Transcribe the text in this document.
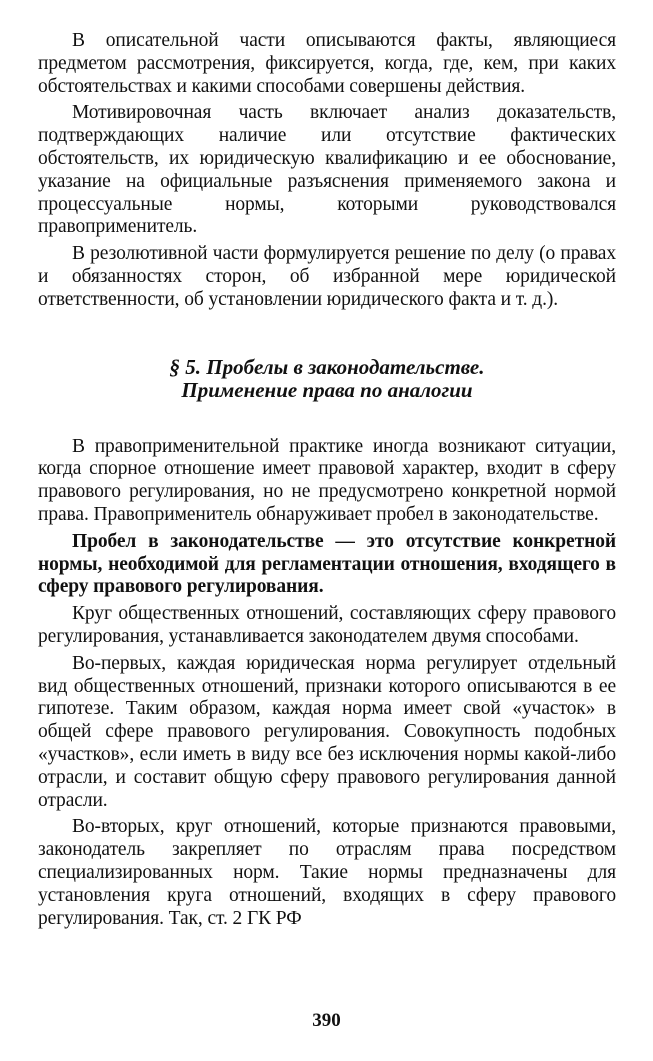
В описательной части описываются факты, являющиеся предметом рассмотрения, фиксируется, когда, где, кем, при каких обстоятельствах и какими способами совершены действия.

Мотивировочная часть включает анализ доказательств, подтверждающих наличие или отсутствие фактических обстоятельств, их юридическую квалификацию и ее обоснование, указание на официальные разъяснения применяемого закона и процессуальные нормы, которыми руководствовался правоприменитель.

В резолютивной части формулируется решение по делу (о правах и обязанностях сторон, об избранной мере юридической ответственности, об установлении юридического факта и т. д.).

§ 5. Пробелы в законодательстве.

Применение права по аналогии

В правоприменительной практике иногда возникают ситуации, когда спорное отношение имеет правовой характер, входит в сферу правового регулирования, но не предусмотрено конкретной нормой права. Правоприменитель обнаруживает пробел в законодательстве.

Пробел в законодательстве — это отсутствие конкретной нормы, необходимой для регламентации отношения, входящего в сферу правового регулирования.

Круг общественных отношений, составляющих сферу правового регулирования, устанавливается законодателем двумя способами.

Во-первых, каждая юридическая норма регулирует отдельный вид общественных отношений, признаки которого описываются в ее гипотезе. Таким образом, каждая норма имеет свой «участок» в общей сфере правового регулирования. Совокупность подобных «участков», если иметь в виду все без исключения нормы какой-либо отрасли, и составит общую сферу правового регулирования данной отрасли.

Во-вторых, круг отношений, которые признаются правовыми, законодатель закрепляет по отраслям права посредством специализированных норм. Такие нормы предназначены для установления круга отношений, входящих в сферу правового регулирования. Так, ст. 2 ГК РФ

390
